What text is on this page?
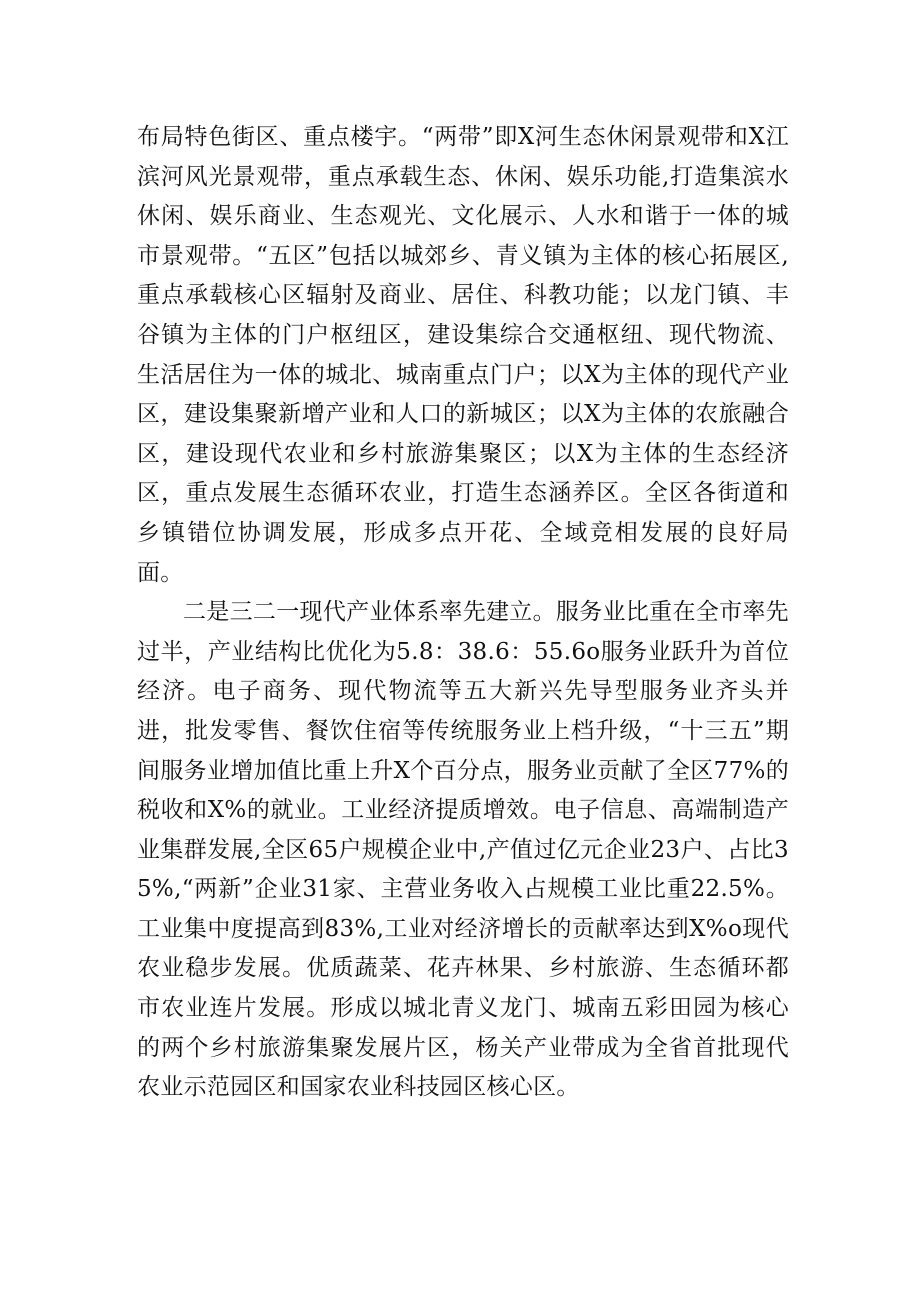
布局特色街区、重点楼宇。“两带”即X河生态休闲景观带和X江滨河风光景观带，重点承载生态、休闲、娱乐功能,打造集滨水休闲、娱乐商业、生态观光、文化展示、人水和谐于一体的城市景观带。“五区”包括以城郊乡、青义镇为主体的核心拓展区,重点承载核心区辐射及商业、居住、科教功能；以龙门镇、丰谷镇为主体的门户枢纽区，建设集综合交通枢纽、现代物流、生活居住为一体的城北、城南重点门户；以X为主体的现代产业区，建设集聚新增产业和人口的新城区；以X为主体的农旅融合区，建设现代农业和乡村旅游集聚区；以X为主体的生态经济区，重点发展生态循环农业，打造生态涵养区。全区各街道和乡镇错位协调发展，形成多点开花、全域竞相发展的良好局面。

二是三二一现代产业体系率先建立。服务业比重在全市率先过半，产业结构比优化为5.8：38.6：55.6o服务业跃升为首位经济。电子商务、现代物流等五大新兴先导型服务业齐头并进，批发零售、餐饮住宿等传统服务业上档升级，“十三五”期间服务业增加值比重上升X个百分点，服务业贡献了全区77%的税收和X%的就业。工业经济提质增效。电子信息、高端制造产业集群发展,全区65户规模企业中,产值过亿元企业23户、占比35%,“两新”企业31家、主营业务收入占规模工业比重22.5%。工业集中度提高到83%,工业对经济增长的贡献率达到X%o现代农业稳步发展。优质蔬菜、花卉林果、乡村旅游、生态循环都市农业连片发展。形成以城北青义龙门、城南五彩田园为核心的两个乡村旅游集聚发展片区，杨关产业带成为全省首批现代农业示范园区和国家农业科技园区核心区。
